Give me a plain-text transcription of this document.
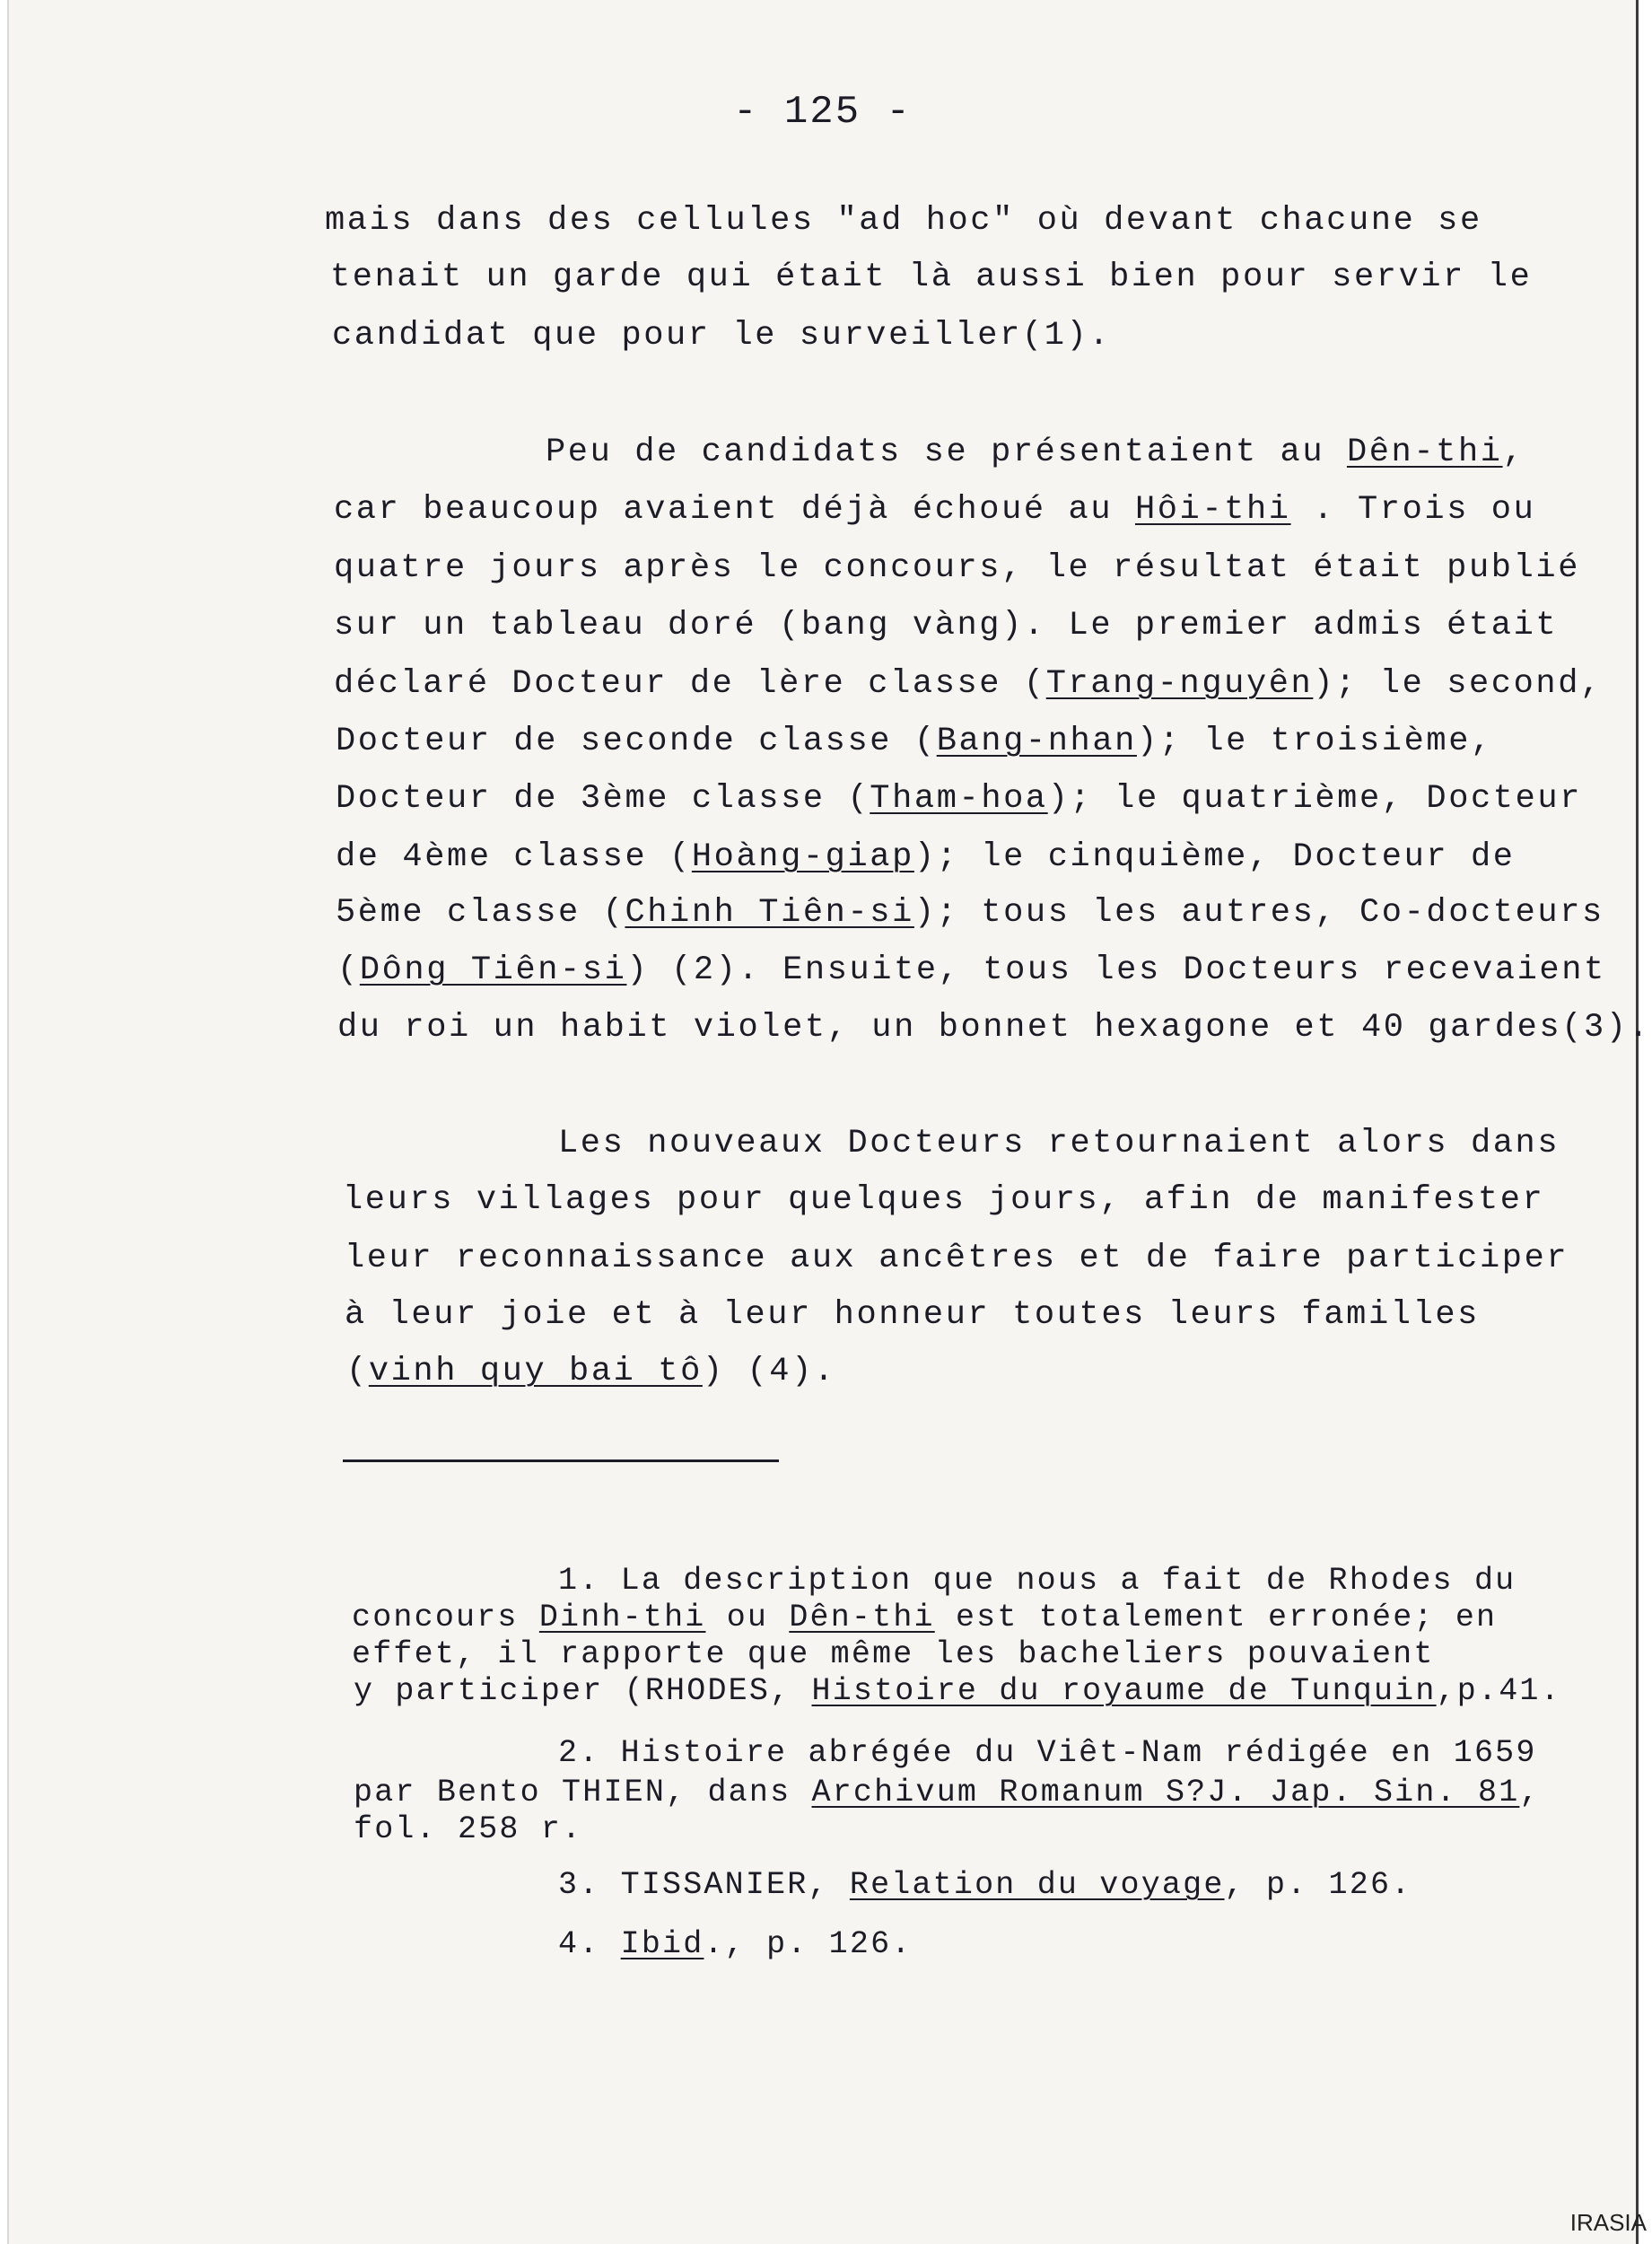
- 125 -
mais dans des cellules "ad hoc" où devant chacune se
tenait un garde qui était là aussi bien pour servir le
candidat que pour le surveiller(1).
Peu de candidats se présentaient au Dên-thi,
car beaucoup avaient déjà échoué au Hôi-thi . Trois ou
quatre jours après le concours, le résultat était publié
sur un tableau doré (bang vàng). Le premier admis était
déclaré Docteur de lère classe (Trang-nguyên); le second,
Docteur de seconde classe (Bang-nhan); le troisième,
Docteur de 3ème classe (Tham-hoa); le quatrième, Docteur
de 4ème classe (Hoàng-giap); le cinquième, Docteur de
5ème classe (Chinh Tiên-si); tous les autres, Co-docteurs
(Dông Tiên-si) (2). Ensuite, tous les Docteurs recevaient
du roi un habit violet, un bonnet hexagone et 40 gardes(3).
Les nouveaux Docteurs retournaient alors dans
leurs villages pour quelques jours, afin de manifester
leur reconnaissance aux ancêtres et de faire participer
à leur joie et à leur honneur toutes leurs familles
(vinh quy bai tô) (4).
1. La description que nous a fait de Rhodes du
concours Dinh-thi ou Dên-thi est totalement erronée; en
effet, il rapporte que même les bacheliers pouvaient
y participer (RHODES, Histoire du royaume de Tunquin,p.41.
2. Histoire abrégée du Viêt-Nam rédigée en 1659
par Bento THIEN, dans Archivum Romanum S?J. Jap. Sin. 81,
fol. 258 r.
3. TISSANIER, Relation du voyage, p. 126.
4. Ibid., p. 126.
IRASIA
